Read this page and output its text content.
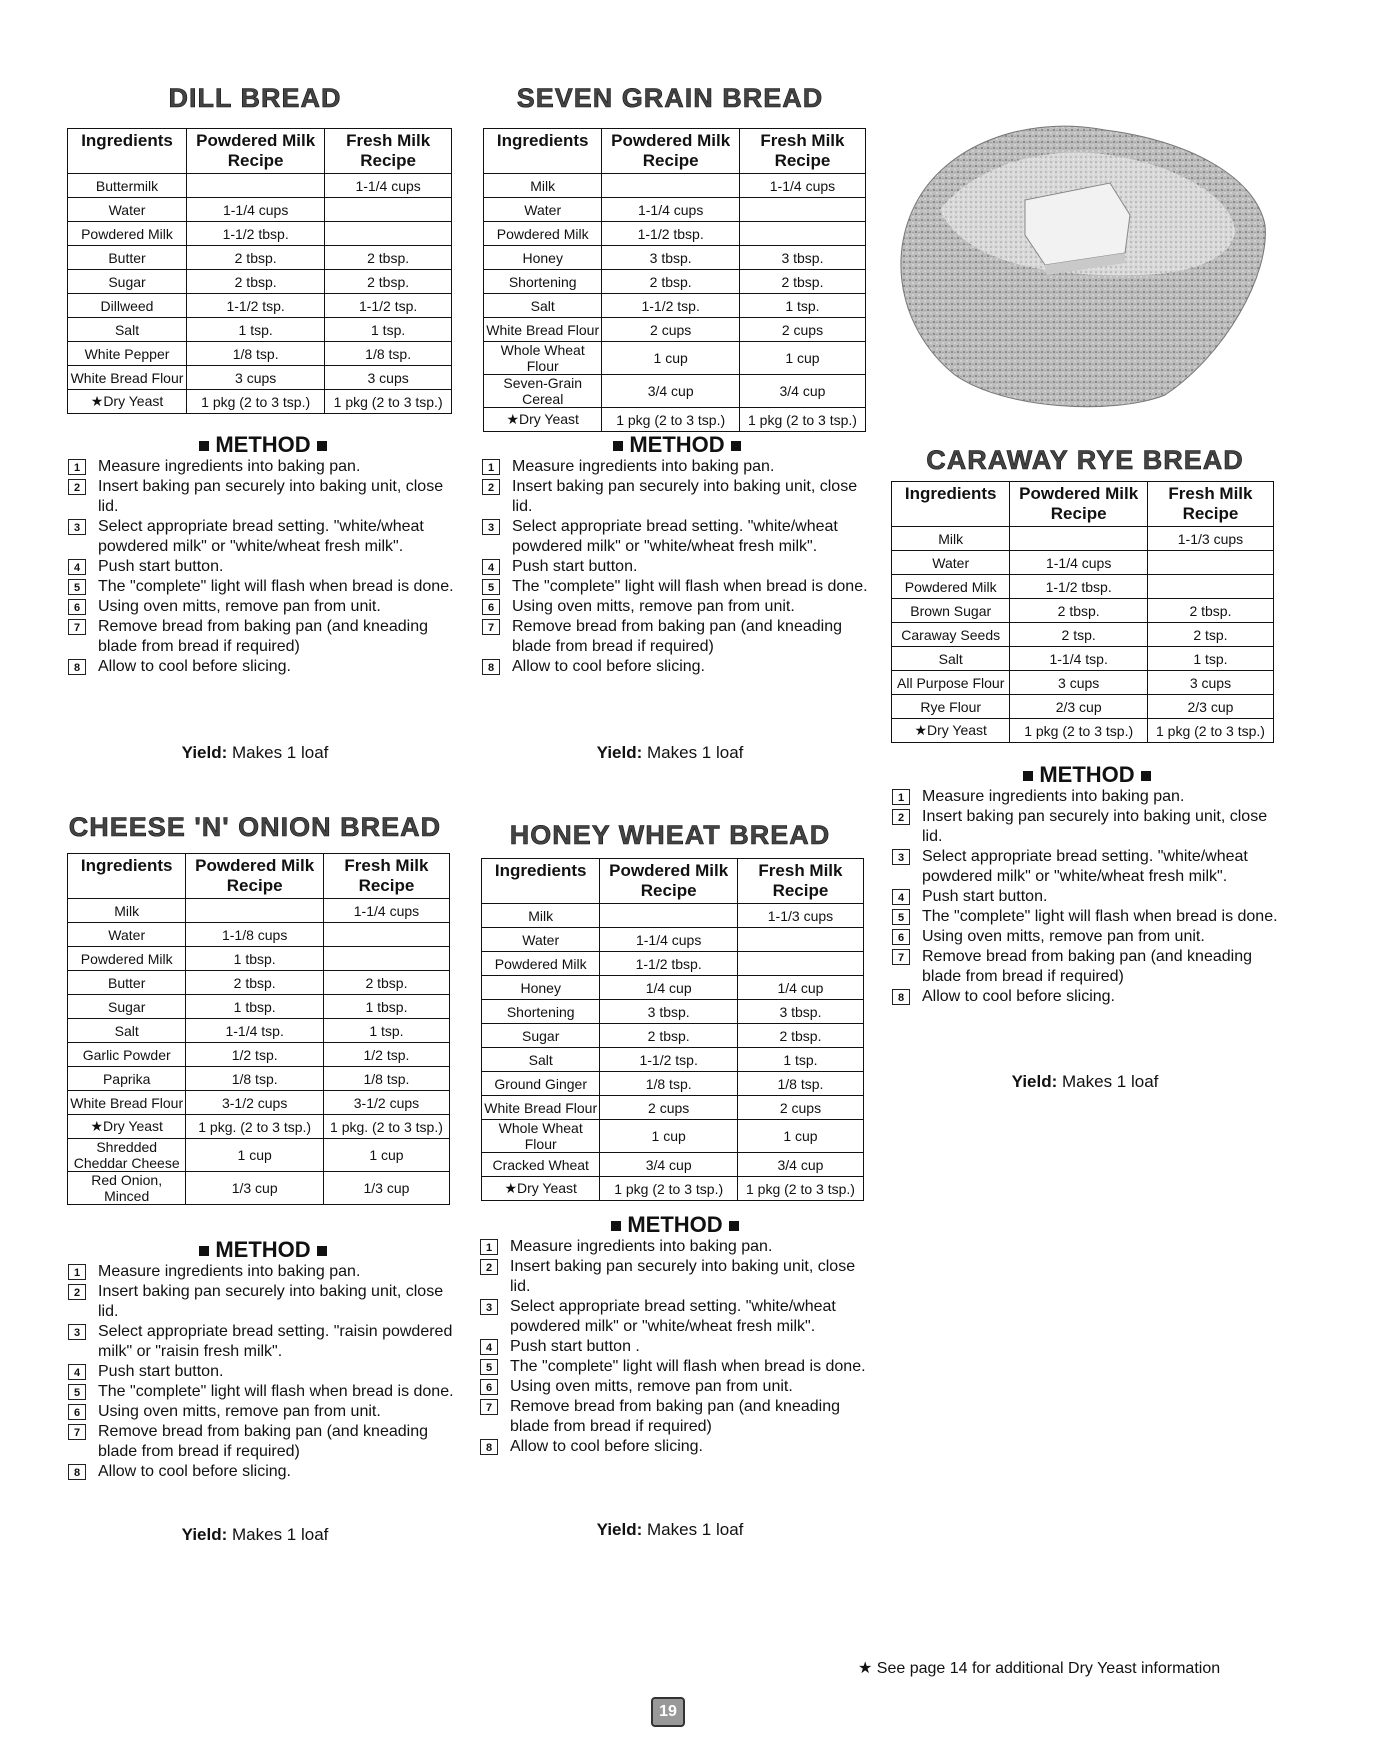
DILL BREAD
Ingredients	Powdered Milk Recipe	Fresh Milk Recipe
Buttermilk		1-1/4 cups
Water	1-1/4 cups	
Powdered Milk	1-1/2 tbsp.	
Butter	2 tbsp.	2 tbsp.
Sugar	2 tbsp.	2 tbsp.
Dillweed	1-1/2 tsp.	1-1/2 tsp.
Salt	1 tsp.	1 tsp.
White Pepper	1/8 tsp.	1/8 tsp.
White Bread Flour	3 cups	3 cups
★Dry Yeast	1 pkg (2 to 3 tsp.)	1 pkg (2 to 3 tsp.)
METHOD
1	Measure ingredients into baking pan.
2	Insert baking pan securely into baking unit, close lid.
3	Select appropriate bread setting. "white/wheat powdered milk" or "white/wheat fresh milk".
4	Push start button.
5	The "complete" light will flash when bread is done.
6	Using oven mitts, remove pan from unit.
7	Remove bread from baking pan (and kneading blade from bread if required)
8	Allow to cool before slicing.
Yield: Makes 1 loaf
SEVEN GRAIN BREAD
Ingredients	Powdered Milk Recipe	Fresh Milk Recipe
Milk		1-1/4 cups
Water	1-1/4 cups	
Powdered Milk	1-1/2 tbsp.	
Honey	3 tbsp.	3 tbsp.
Shortening	2 tbsp.	2 tbsp.
Salt	1-1/2 tsp.	1 tsp.
White Bread Flour	2 cups	2 cups
Whole Wheat Flour	1 cup	1 cup
Seven-Grain Cereal	3/4 cup	3/4 cup
★Dry Yeast	1 pkg (2 to 3 tsp.)	1 pkg (2 to 3 tsp.)
METHOD
1	Measure ingredients into baking pan.
2	Insert baking pan securely into baking unit, close lid.
3	Select appropriate bread setting. "white/wheat powdered milk" or "white/wheat fresh milk".
4	Push start button.
5	The "complete" light will flash when bread is done.
6	Using oven mitts, remove pan from unit.
7	Remove bread from baking pan (and kneading blade from bread if required)
8	Allow to cool before slicing.
Yield: Makes 1 loaf
CARAWAY RYE BREAD
Ingredients	Powdered Milk Recipe	Fresh Milk Recipe
Milk		1-1/3 cups
Water	1-1/4 cups	
Powdered Milk	1-1/2 tbsp.	
Brown Sugar	2 tbsp.	2 tbsp.
Caraway Seeds	2 tsp.	2 tsp.
Salt	1-1/4 tsp.	1 tsp.
All Purpose Flour	3 cups	3 cups
Rye Flour	2/3 cup	2/3 cup
★Dry Yeast	1 pkg (2 to 3 tsp.)	1 pkg (2 to 3 tsp.)
METHOD
1	Measure ingredients into baking pan.
2	Insert baking pan securely into baking unit, close lid.
3	Select appropriate bread setting. "white/wheat powdered milk" or "white/wheat fresh milk".
4	Push start button.
5	The "complete" light will flash when bread is done.
6	Using oven mitts, remove pan from unit.
7	Remove bread from baking pan (and kneading blade from bread if required)
8	Allow to cool before slicing.
Yield: Makes 1 loaf
CHEESE 'N' ONION BREAD
Ingredients	Powdered Milk Recipe	Fresh Milk Recipe
Milk		1-1/4 cups
Water	1-1/8 cups	
Powdered Milk	1 tbsp.	
Butter	2 tbsp.	2 tbsp.
Sugar	1 tbsp.	1 tbsp.
Salt	1-1/4 tsp.	1 tsp.
Garlic Powder	1/2 tsp.	1/2 tsp.
Paprika	1/8 tsp.	1/8 tsp.
White Bread Flour	3-1/2 cups	3-1/2 cups
★Dry Yeast	1 pkg. (2 to 3 tsp.)	1 pkg. (2 to 3 tsp.)
Shredded Cheddar Cheese	1 cup	1 cup
Red Onion, Minced	1/3 cup	1/3 cup
METHOD
1	Measure ingredients into baking pan.
2	Insert baking pan securely into baking unit, close lid.
3	Select appropriate bread setting. "raisin powdered milk" or "raisin fresh milk".
4	Push start button.
5	The "complete" light will flash when bread is done.
6	Using oven mitts, remove pan from unit.
7	Remove bread from baking pan (and kneading blade from bread if required)
8	Allow to cool before slicing.
Yield: Makes 1 loaf
HONEY WHEAT BREAD
Ingredients	Powdered Milk Recipe	Fresh Milk Recipe
Milk		1-1/3 cups
Water	1-1/4 cups	
Powdered Milk	1-1/2 tbsp.	
Honey	1/4 cup	1/4 cup
Shortening	3 tbsp.	3 tbsp.
Sugar	2 tbsp.	2 tbsp.
Salt	1-1/2 tsp.	1 tsp.
Ground Ginger	1/8 tsp.	1/8 tsp.
White Bread Flour	2 cups	2 cups
Whole Wheat Flour	1 cup	1 cup
Cracked Wheat	3/4 cup	3/4 cup
★Dry Yeast	1 pkg (2 to 3 tsp.)	1 pkg (2 to 3 tsp.)
METHOD
1	Measure ingredients into baking pan.
2	Insert baking pan securely into baking unit, close lid.
3	Select appropriate bread setting. "white/wheat powdered milk" or "white/wheat fresh milk".
4	Push start button .
5	The "complete" light will flash when bread is done.
6	Using oven mitts, remove pan from unit.
7	Remove bread from baking pan (and kneading blade from bread if required)
8	Allow to cool before slicing.
Yield: Makes 1 loaf
★ See page 14 for additional Dry Yeast information
19
